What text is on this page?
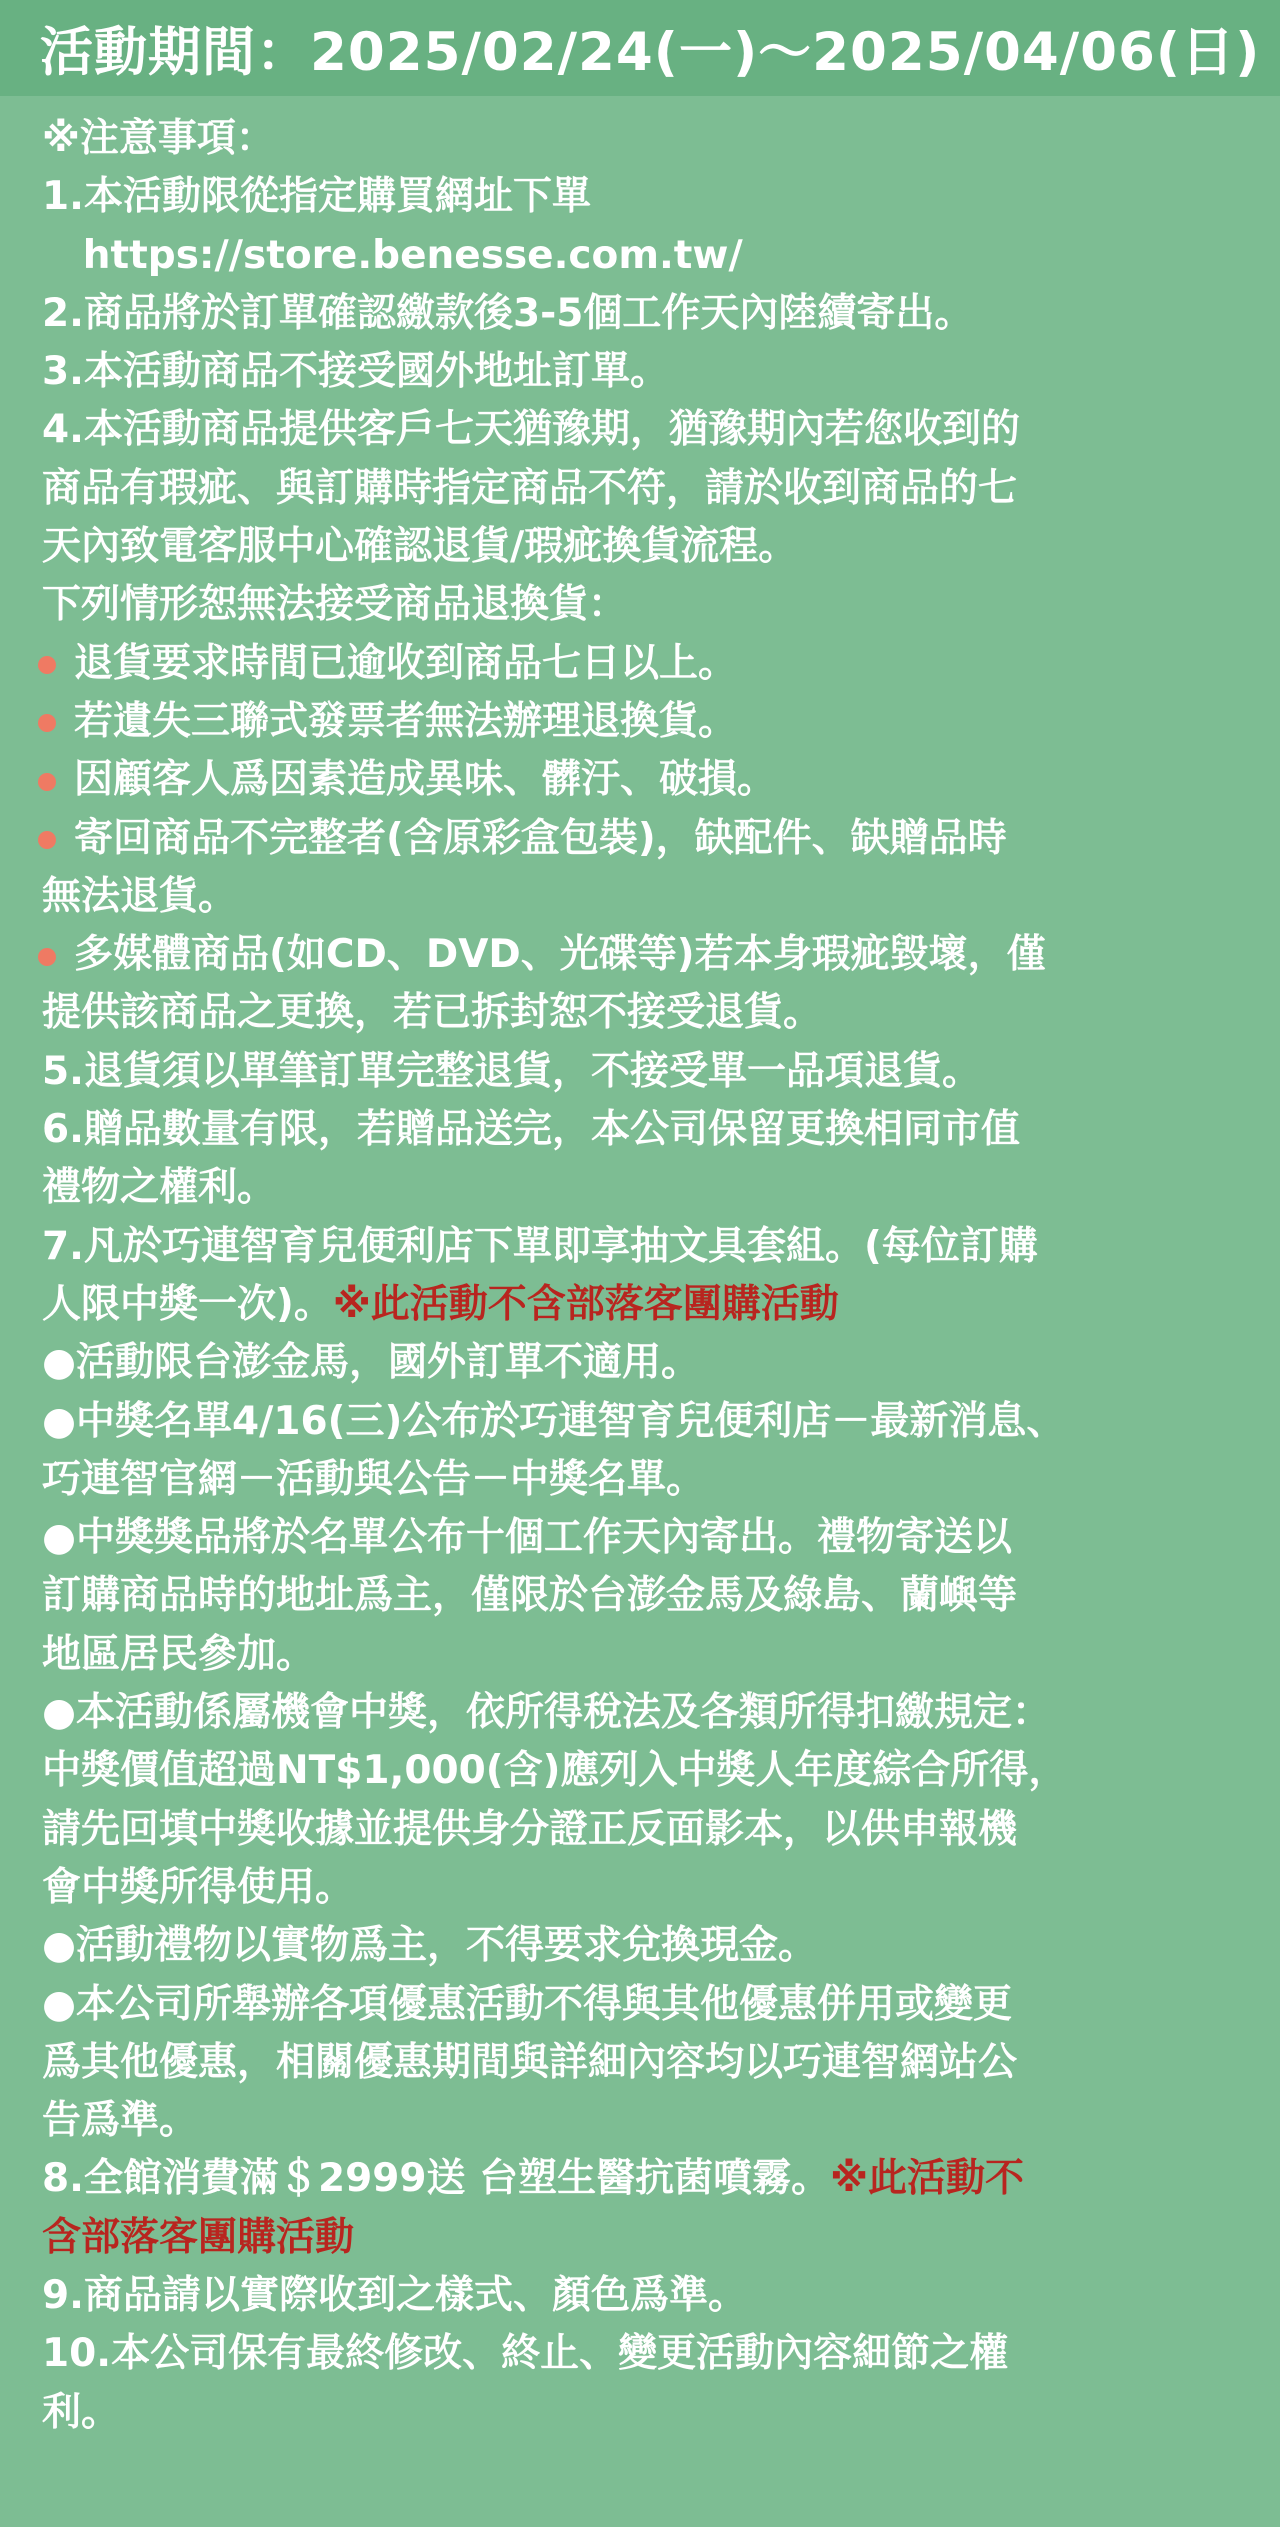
活動期間：2025/02/24(一)～2025/04/06(日)
※注意事項：
1.本活動限從指定購買網址下單
https://store.benesse.com.tw/
2.商品將於訂單確認繳款後3-5個工作天內陸續寄出。
3.本活動商品不接受國外地址訂單。
4.本活動商品提供客戶七天猶豫期，猶豫期內若您收到的
商品有瑕疵、與訂購時指定商品不符，請於收到商品的七
天內致電客服中心確認退貨/瑕疵換貨流程。
下列情形恕無法接受商品退換貨：
退貨要求時間已逾收到商品七日以上。
若遺失三聯式發票者無法辦理退換貨。
因顧客人爲因素造成異味、髒汙、破損。
寄回商品不完整者(含原彩盒包裝)，缺配件、缺贈品時
無法退貨。
多媒體商品(如CD、DVD、光碟等)若本身瑕疵毀壞，僅
提供該商品之更換，若已拆封恕不接受退貨。
5.退貨須以單筆訂單完整退貨，不接受單一品項退貨。
6.贈品數量有限，若贈品送完，本公司保留更換相同市值
禮物之權利。
7.凡於巧連智育兒便利店下單即享抽文具套組。(每位訂購
人限中獎一次)。※此活動不含部落客團購活動
●活動限台澎金馬，國外訂單不適用。
●中獎名單4/16(三)公布於巧連智育兒便利店－最新消息、
巧連智官網－活動與公告－中獎名單。
●中獎獎品將於名單公布十個工作天內寄出。禮物寄送以
訂購商品時的地址爲主，僅限於台澎金馬及綠島、蘭嶼等
地區居民參加。
●本活動係屬機會中獎，依所得稅法及各類所得扣繳規定：
中獎價值超過NT$1,000(含)應列入中獎人年度綜合所得，
請先回填中獎收據並提供身分證正反面影本，以供申報機
會中獎所得使用。
●活動禮物以實物爲主，不得要求兌換現金。
●本公司所舉辦各項優惠活動不得與其他優惠併用或變更
爲其他優惠，相關優惠期間與詳細內容均以巧連智網站公
告爲準。
8.全館消費滿＄2999送 台塑生醫抗菌噴霧。※此活動不
含部落客團購活動
9.商品請以實際收到之樣式、顏色爲準。
10.本公司保有最終修改、終止、變更活動內容細節之權
利。
